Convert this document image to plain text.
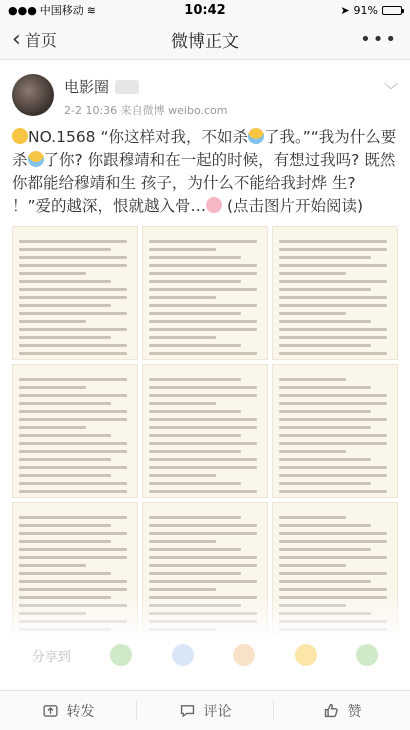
●●● 中国移动 ≋	10:42	➤ 91%
‹ 首页	微博正文	•••
电影圈
2-2 10:36 来自微博 weibo.com
﹀
NO.1568 “你这样对我，不如杀 了我。”“我为什么要杀 了你? 你跟穆靖和在一起的时候，有想过我吗? 既然你都能给穆靖和生 孩子，为什么不能给我封烨 生? ！”爱的越深，恨就越入骨… (点击图片开始阅读)
分享到
转发	评论	赞
